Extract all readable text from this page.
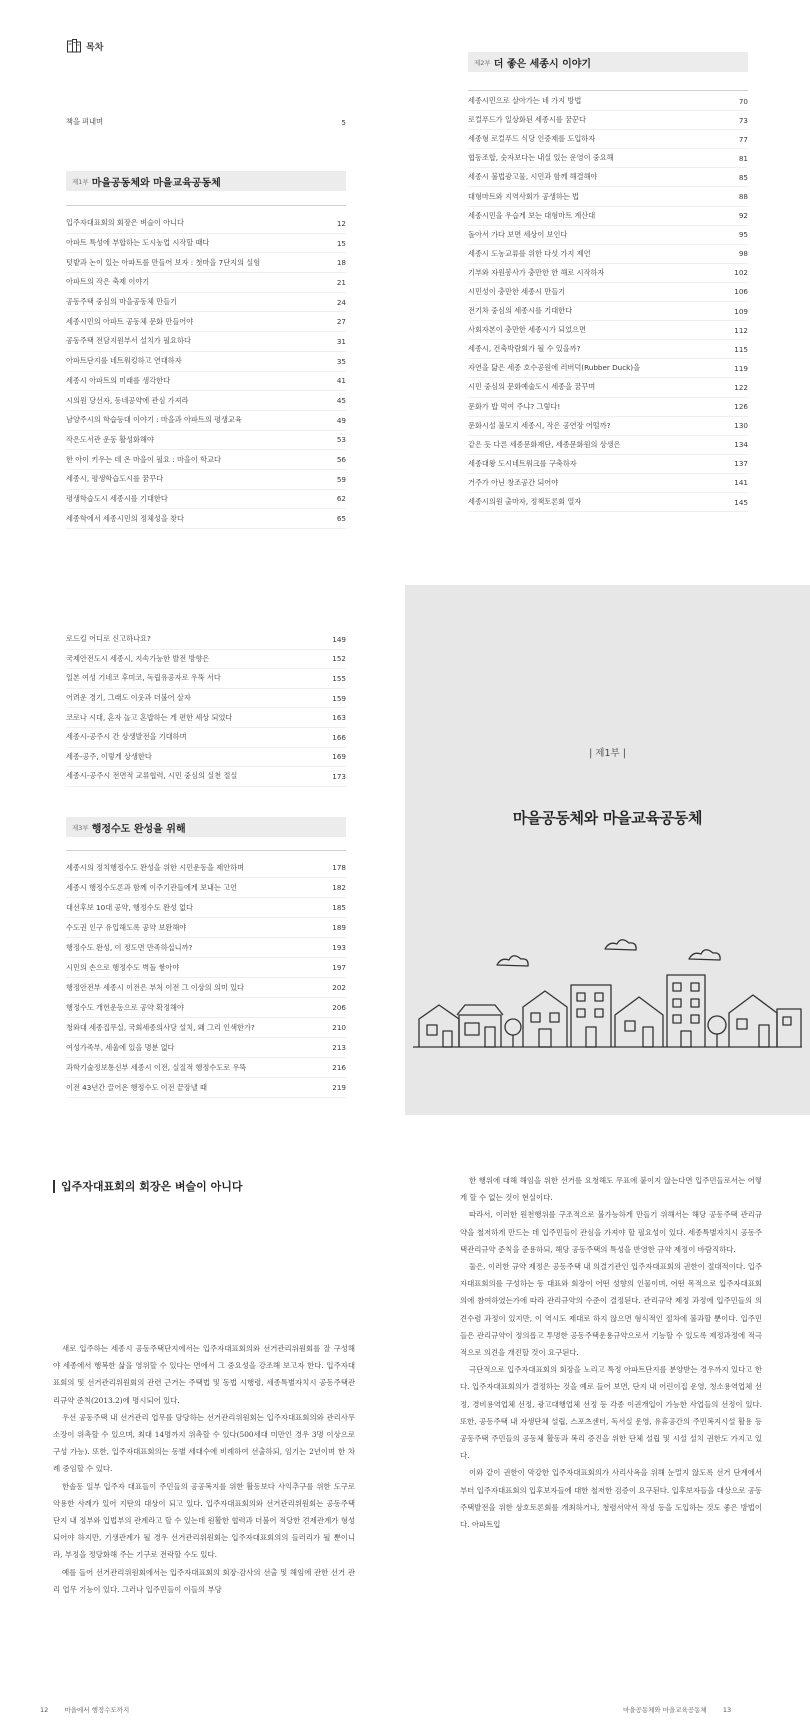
목차
책을 펴내며	5
제1부 마을공동체와 마을교육공동체
입주자대표회의 회장은 벼슬이 아니다	12
아파트 특성에 부합하는 도시농업 시작할 때다	15
텃밭과 논이 있는 아파트를 만들어 보자 : 첫마을 7단지의 실험	18
아파트의 작은 축제 이야기	21
공동주택 중심의 마을공동체 만들기	24
세종시민의 아파트 공동체 문화 만들어야	27
공동주택 전담지원부서 설치가 필요하다	31
아파트단지를 네트워킹하고 연대하자	35
세종시 아파트의 미래를 생각한다	41
시의원 당선자, 동네공약에 관심 가져라	45
남양주시의 학습등대 이야기 : 마을과 아파트의 평생교육	49
작은도서관 운동 활성화해야	53
한 아이 키우는 데 온 마을이 필요 : 마을이 학교다	56
세종시, 평생학습도시를 꿈꾸다	59
평생학습도시 세종시를 기대한다	62
세종학에서 세종시민의 정체성을 찾다	65
제2부 더 좋은 세종시 이야기
세종시민으로 살아가는 네 가지 방법	70
로컬푸드가 일상화된 세종시를 꿈꾼다	73
세종형 로컬푸드 식당 인증제를 도입하자	77
협동조합, 숫자보다는 내실 있는 운영이 중요해	81
세종시 불법광고물, 시민과 함께 해결해야	85
대형마트와 지역사회가 공생하는 법	88
세종시민을 우습게 보는 대형마트 계산대	92
돌아서 가다 보면 세상이 보인다	95
세종시 도농교류를 위한 다섯 가지 제언	98
기부와 자원봉사가 충만한 한 해로 시작하자	102
시민성이 충만한 세종시 만들기	106
전기차 중심의 세종시를 기대한다	109
사회자본이 충만한 세종시가 되었으면	112
세종시, 건축박람회가 될 수 있을까?	115
자연을 닮은 세종 호수공원에 러버덕(Rubber Duck)을	119
시민 중심의 문화예술도시 세종을 꿈꾸며	122
문화가 밥 먹여 주냐? 그렇다!	126
문화시설 불모지 세종시, 작은 공연장 어떨까?	130
같은 듯 다른 세종문화재단, 세종문화원의 상생은	134
세종대왕 도시네트워크를 구축하자	137
거주가 아닌 창조공간 되어야	141
세종시의원 출마자, 정책토론회 열자	145
로드킬 어디로 신고하나요?	149
국제안전도시 세종시, 지속가능한 발전 방향은	152
일본 여성 기네코 후미코, 독립유공자로 우뚝 서다	155
어려운 경기, 그래도 이웃과 더불어 살자	159
코로나 시대, 혼자 놀고 혼밥하는 게 편한 세상 되었다	163
세종시-공주시 간 상생발전을 기대하며	166
세종-공주, 이렇게 상생한다	169
세종시-공주시 전면적 교류협력, 시민 중심의 실천 절실	173
제3부 행정수도 완성을 위해
세종시의 정치행정수도 완성을 위한 시민운동을 제안하며	178
세종시 행정수도론과 함께 이주기관들에게 보내는 고언	182
대선후보 10대 공약, 행정수도 완성 없다	185
수도권 인구 유입해도록 공약 보완해야	189
행정수도 완성, 이 정도면 만족하십니까?	193
시민의 손으로 행정수도 벽돌 쌓아야	197
행정안전부 세종시 이전은 부처 이전 그 이상의 의미 있다	202
행정수도 개헌운동으로 공약 확정해야	206
청와대 세종집무실, 국회세종의사당 설치, 왜 그리 인색한가?	210
여성가족부, 세울에 있을 명분 없다	213
과학기술정보통신부 세종시 이전, 실질적 행정수도로 우뚝	216
이전 43년간 끌어온 행정수도 이전 끝장낼 때	219
| 제1부 |
마을공동체와 마을교육공동체
입주자대표회의 회장은 벼슬이 아니다

새로 입주하는 세종시 공동주택단지에서는 입주자대표회의와 선거관리위원회를 잘 구성해야 세종에서 행복한 삶을 영위할 수 있다는 면에서 그 중요성을 강조해 보고자 한다. 입주자대표회의 및 선거관리위원회의 관련 근거는 주택법 및 동법 시행령, 세종특별자치시 공동주택관리규약 준칙(2013.2)에 명시되어 있다.

우선 공동주택 내 선거관리 업무를 담당하는 선거관리위원회는 입주자대표회의와 관리사무소장이 위촉할 수 있으며, 최대 14명까지 위촉할 수 있다(500세대 미만인 경우 3명 이상으로 구성 가능). 또한, 입주자대표회의는 동별 세대수에 비례하여 선출하되, 임기는 2년이며 한 차례 중임할 수 있다.

한솔동 일부 입주자 대표들이 주민들의 공공복지를 위한 활동보다 사익추구를 위한 도구로 악용한 사례가 있어 지탄의 대상이 되고 있다. 입주자대표회의와 선거관리위원회는 공동주택 단지 내 정부와 입법부의 관계라고 할 수 있는데 원활한 협력과 더불어 적당한 견제관계가 형성되어야 하지만, 기생관계가 될 경우 선거관리위원회는 입주자대표회의의 들러리가 될 뿐이니라, 부정을 정당화해 주는 기구로 전락할 수도 있다.

예를 들어 선거관리위원회에서는 입주자대표회의 회장·감사의 선출 및 해임에 관한 선거 관리 업무 기능이 있다. 그러나 입주민들이 이들의 부당

12 마을에서 행정수도까지

한 행위에 대해 해임을 위한 선거를 요청해도 무표에 붙이지 않는다면 입주민들로서는 어떻게 할 수 없는 것이 현실이다.

따라서, 이러한 원천행위를 구조적으로 불가능하게 만들기 위해서는 해당 공동주택 관리규약을 철저하게 만드는 데 입주민들이 관심을 가져야 할 필요성이 있다. 세종특별자치시 공동주택관리규약 준칙을 준용하되, 해당 공동주택의 특성을 반영한 규약 제정이 바람직하다.

둘은, 이러한 규약 제정은 공동주택 내 의결기관인 입주자대표회의 권한이 절대적이다. 입주자대표회의를 구성하는 동 대표와 회장이 어떤 성향의 인물이며, 어떤 목적으로 입주자대표회의에 참여하였는가에 따라 관리규약의 수준이 결정된다. 관리규약 제정 과정에 입주민들의 의견수렴 과정이 있지만, 이 역시도 제대로 하지 않으면 형식적인 절차에 불과할 뿐이다. 입주민들은 관리규약이 정의롭고 투명한 공동주택운용규약으로서 기능할 수 있도록 제정과정에 적극적으로 의견을 개진할 것이 요구된다.

극단적으로 입주자대표회의 회장을 노리고 특정 아파트단지를 분양받는 경우까지 있다고 한다. 입주자대표회의가 결정하는 것을 예로 들어 보면, 단지 내 어린이집 운영, 청소용역업체 선정, 경비용역업체 선정, 광고대행업체 선정 등 각종 이권개입이 가능한 사업들의 선정이 있다. 또한, 공동주택 내 자생단체 설립, 스포츠센터, 독서실 운영, 유휴공간의 주민복지시설 활용 등 공동주택 주민들의 공동체 활동과 복리 증진을 위한 단체 설립 및 시설 설치 권한도 가지고 있다.

이와 같이 권한이 막강한 입주자대표회의가 사리사욕을 위해 눈멀지 않도록 선거 단계에서부터 입주자대표회의 입후보자들에 대한 철저한 검증이 요구된다. 입후보자들을 대상으로 공동주택발전을 위한 상호토론회를 개최하거나, 청렴서약서 작성 등을 도입하는 것도 좋은 방법이다. 아파트입

마을공동체와 마을교육공동체 13
